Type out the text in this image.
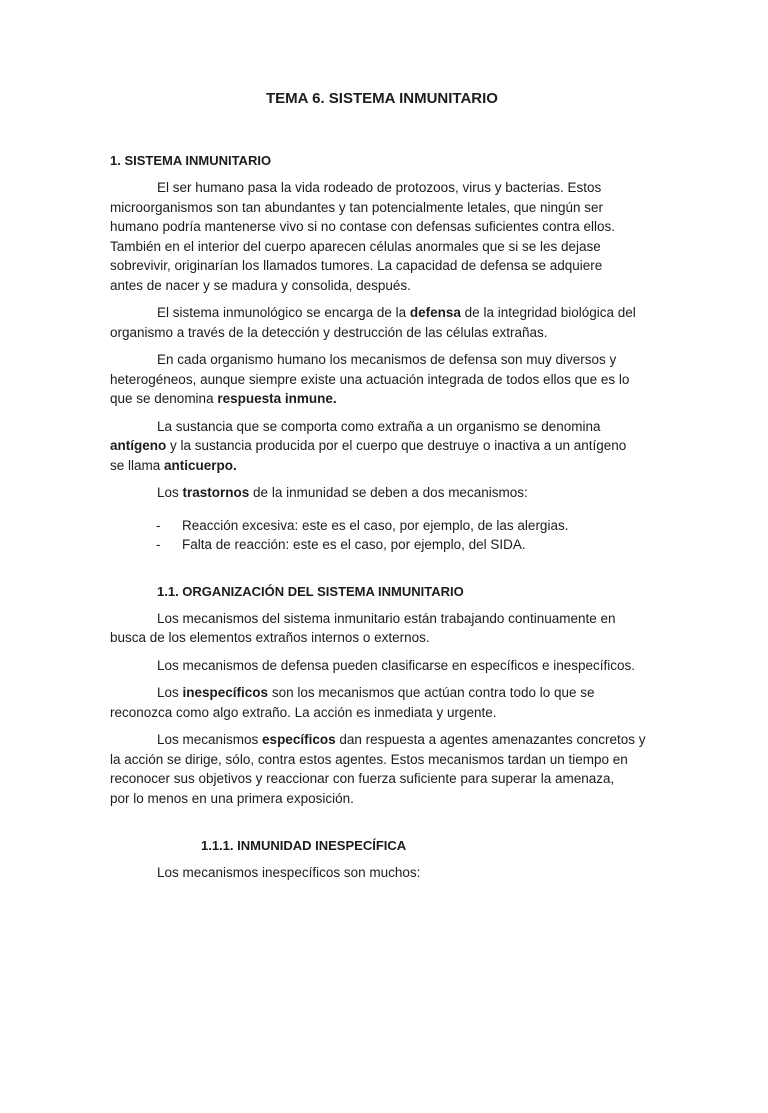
TEMA 6. SISTEMA INMUNITARIO
1. SISTEMA INMUNITARIO

El ser humano pasa la vida rodeado de protozoos, virus y bacterias. Estos
microorganismos son tan abundantes y tan potencialmente letales, que ningún ser
humano podría mantenerse vivo si no contase con defensas suficientes contra ellos.
También en el interior del cuerpo aparecen células anormales que si se les dejase
sobrevivir, originarían los llamados tumores. La capacidad de defensa se adquiere
antes de nacer y se madura y consolida, después.

El sistema inmunológico se encarga de la defensa de la integridad biológica del
organismo a través de la detección y destrucción de las células extrañas.

En cada organismo humano los mecanismos de defensa son muy diversos y
heterogéneos, aunque siempre existe una actuación integrada de todos ellos que es lo
que se denomina respuesta inmune.

La sustancia que se comporta como extraña a un organismo se denomina
antígeno y la sustancia producida por el cuerpo que destruye o inactiva a un antígeno
se llama anticuerpo.

Los trastornos de la inmunidad se deben a dos mecanismos:

- Reacción excesiva: este es el caso, por ejemplo, de las alergias.
- Falta de reacción: este es el caso, por ejemplo, del SIDA.
1.1. ORGANIZACIÓN DEL SISTEMA INMUNITARIO

Los mecanismos del sistema inmunitario están trabajando continuamente en
busca de los elementos extraños internos o externos.

Los mecanismos de defensa pueden clasificarse en específicos e inespecíficos.

Los inespecíficos son los mecanismos que actúan contra todo lo que se
reconozca como algo extraño. La acción es inmediata y urgente.

Los mecanismos específicos dan respuesta a agentes amenazantes concretos y
la acción se dirige, sólo, contra estos agentes. Estos mecanismos tardan un tiempo en
reconocer sus objetivos y reaccionar con fuerza suficiente para superar la amenaza,
por lo menos en una primera exposición.

1.1.1. INMUNIDAD INESPECÍFICA

Los mecanismos inespecíficos son muchos:
